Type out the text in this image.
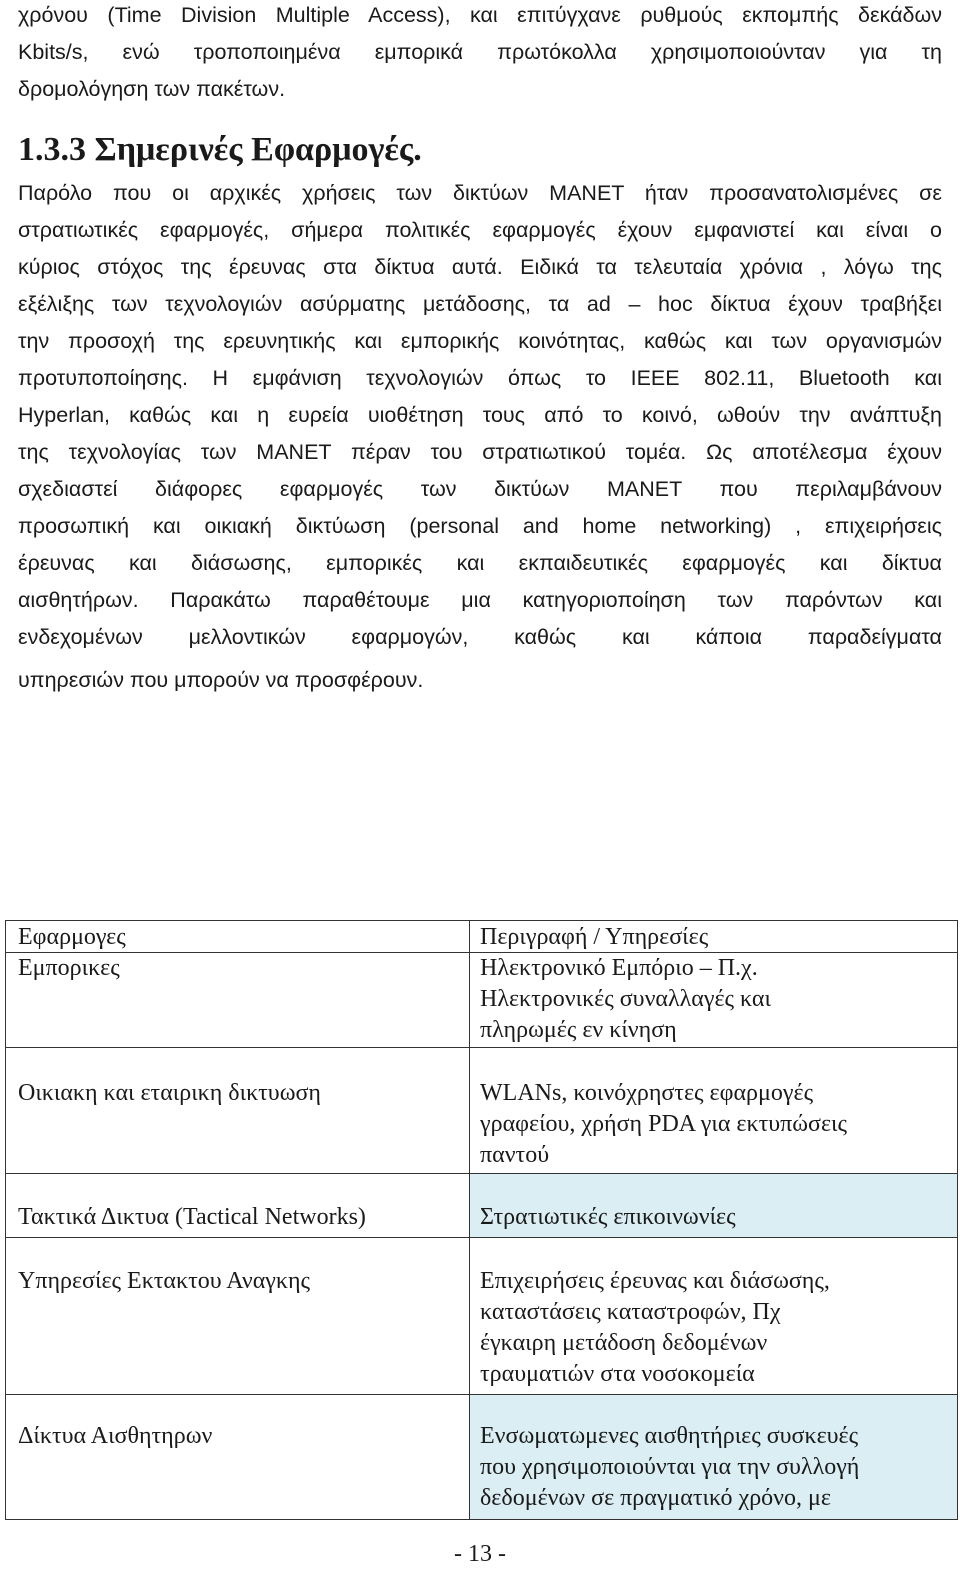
χρόνου (Time Division Multiple Access), και επιτύγχανε ρυθμούς εκπομπής δεκάδων
Kbits/s, ενώ τροποποιημένα εμπορικά πρωτόκολλα χρησιμοποιούνταν για τη
δρομολόγηση των πακέτων.
1.3.3 Σημερινές Εφαρμογές.
Παρόλο που οι αρχικές χρήσεις των δικτύων MANET ήταν προσανατολισμένες σε
στρατιωτικές εφαρμογές, σήμερα πολιτικές εφαρμογές έχουν εμφανιστεί και είναι ο
κύριος στόχος της έρευνας στα δίκτυα αυτά. Ειδικά τα τελευταία χρόνια , λόγω της
εξέλιξης των τεχνολογιών ασύρματης μετάδοσης, τα ad – hoc δίκτυα έχουν τραβήξει
την προσοχή της ερευνητικής και εμπορικής κοινότητας, καθώς και των οργανισμών
προτυποποίησης. Η εμφάνιση τεχνολογιών όπως το IEEE 802.11, Bluetooth και
Hyperlan, καθώς και η ευρεία υιοθέτηση τους από το κοινό, ωθούν την ανάπτυξη
της τεχνολογίας των MANET πέραν του στρατιωτικού τομέα. Ως αποτέλεσμα έχουν
σχεδιαστεί διάφορες εφαρμογές των δικτύων MANET που περιλαμβάνουν
προσωπική και οικιακή δικτύωση (personal and home networking) , επιχειρήσεις
έρευνας και διάσωσης, εμπορικές και εκπαιδευτικές εφαρμογές και δίκτυα
αισθητήρων. Παρακάτω παραθέτουμε μια κατηγοριοποίηση των παρόντων και
ενδεχομένων μελλοντικών εφαρμογών, καθώς και κάποια παραδείγματα
υπηρεσιών που μπορούν να προσφέρουν.
Εφαρμογες	Περιγραφή / Υπηρεσίες
Εμπορικες	Ηλεκτρονικό Εμπόριο – Π.χ.
Ηλεκτρονικές συναλλαγές και
πληρωμές εν κίνηση
Οικιακη και εταιρικη δικτυωση	WLANs, κοινόχρηστες εφαρμογές
γραφείου, χρήση PDA για εκτυπώσεις
παντού
Τακτικά Δικτυα (Tactical Networks)	Στρατιωτικές επικοινωνίες
Υπηρεσίες Εκτακτου Αναγκης	Επιχειρήσεις έρευνας και διάσωσης,
καταστάσεις καταστροφών, Πχ
έγκαιρη μετάδοση δεδομένων
τραυματιών στα νοσοκομεία
Δίκτυα Αισθητηρων	Ενσωματωμενες αισθητήριες συσκευές
που χρησιμοποιούνται για την συλλογή
δεδομένων σε πραγματικό χρόνο, με
- 13 -
